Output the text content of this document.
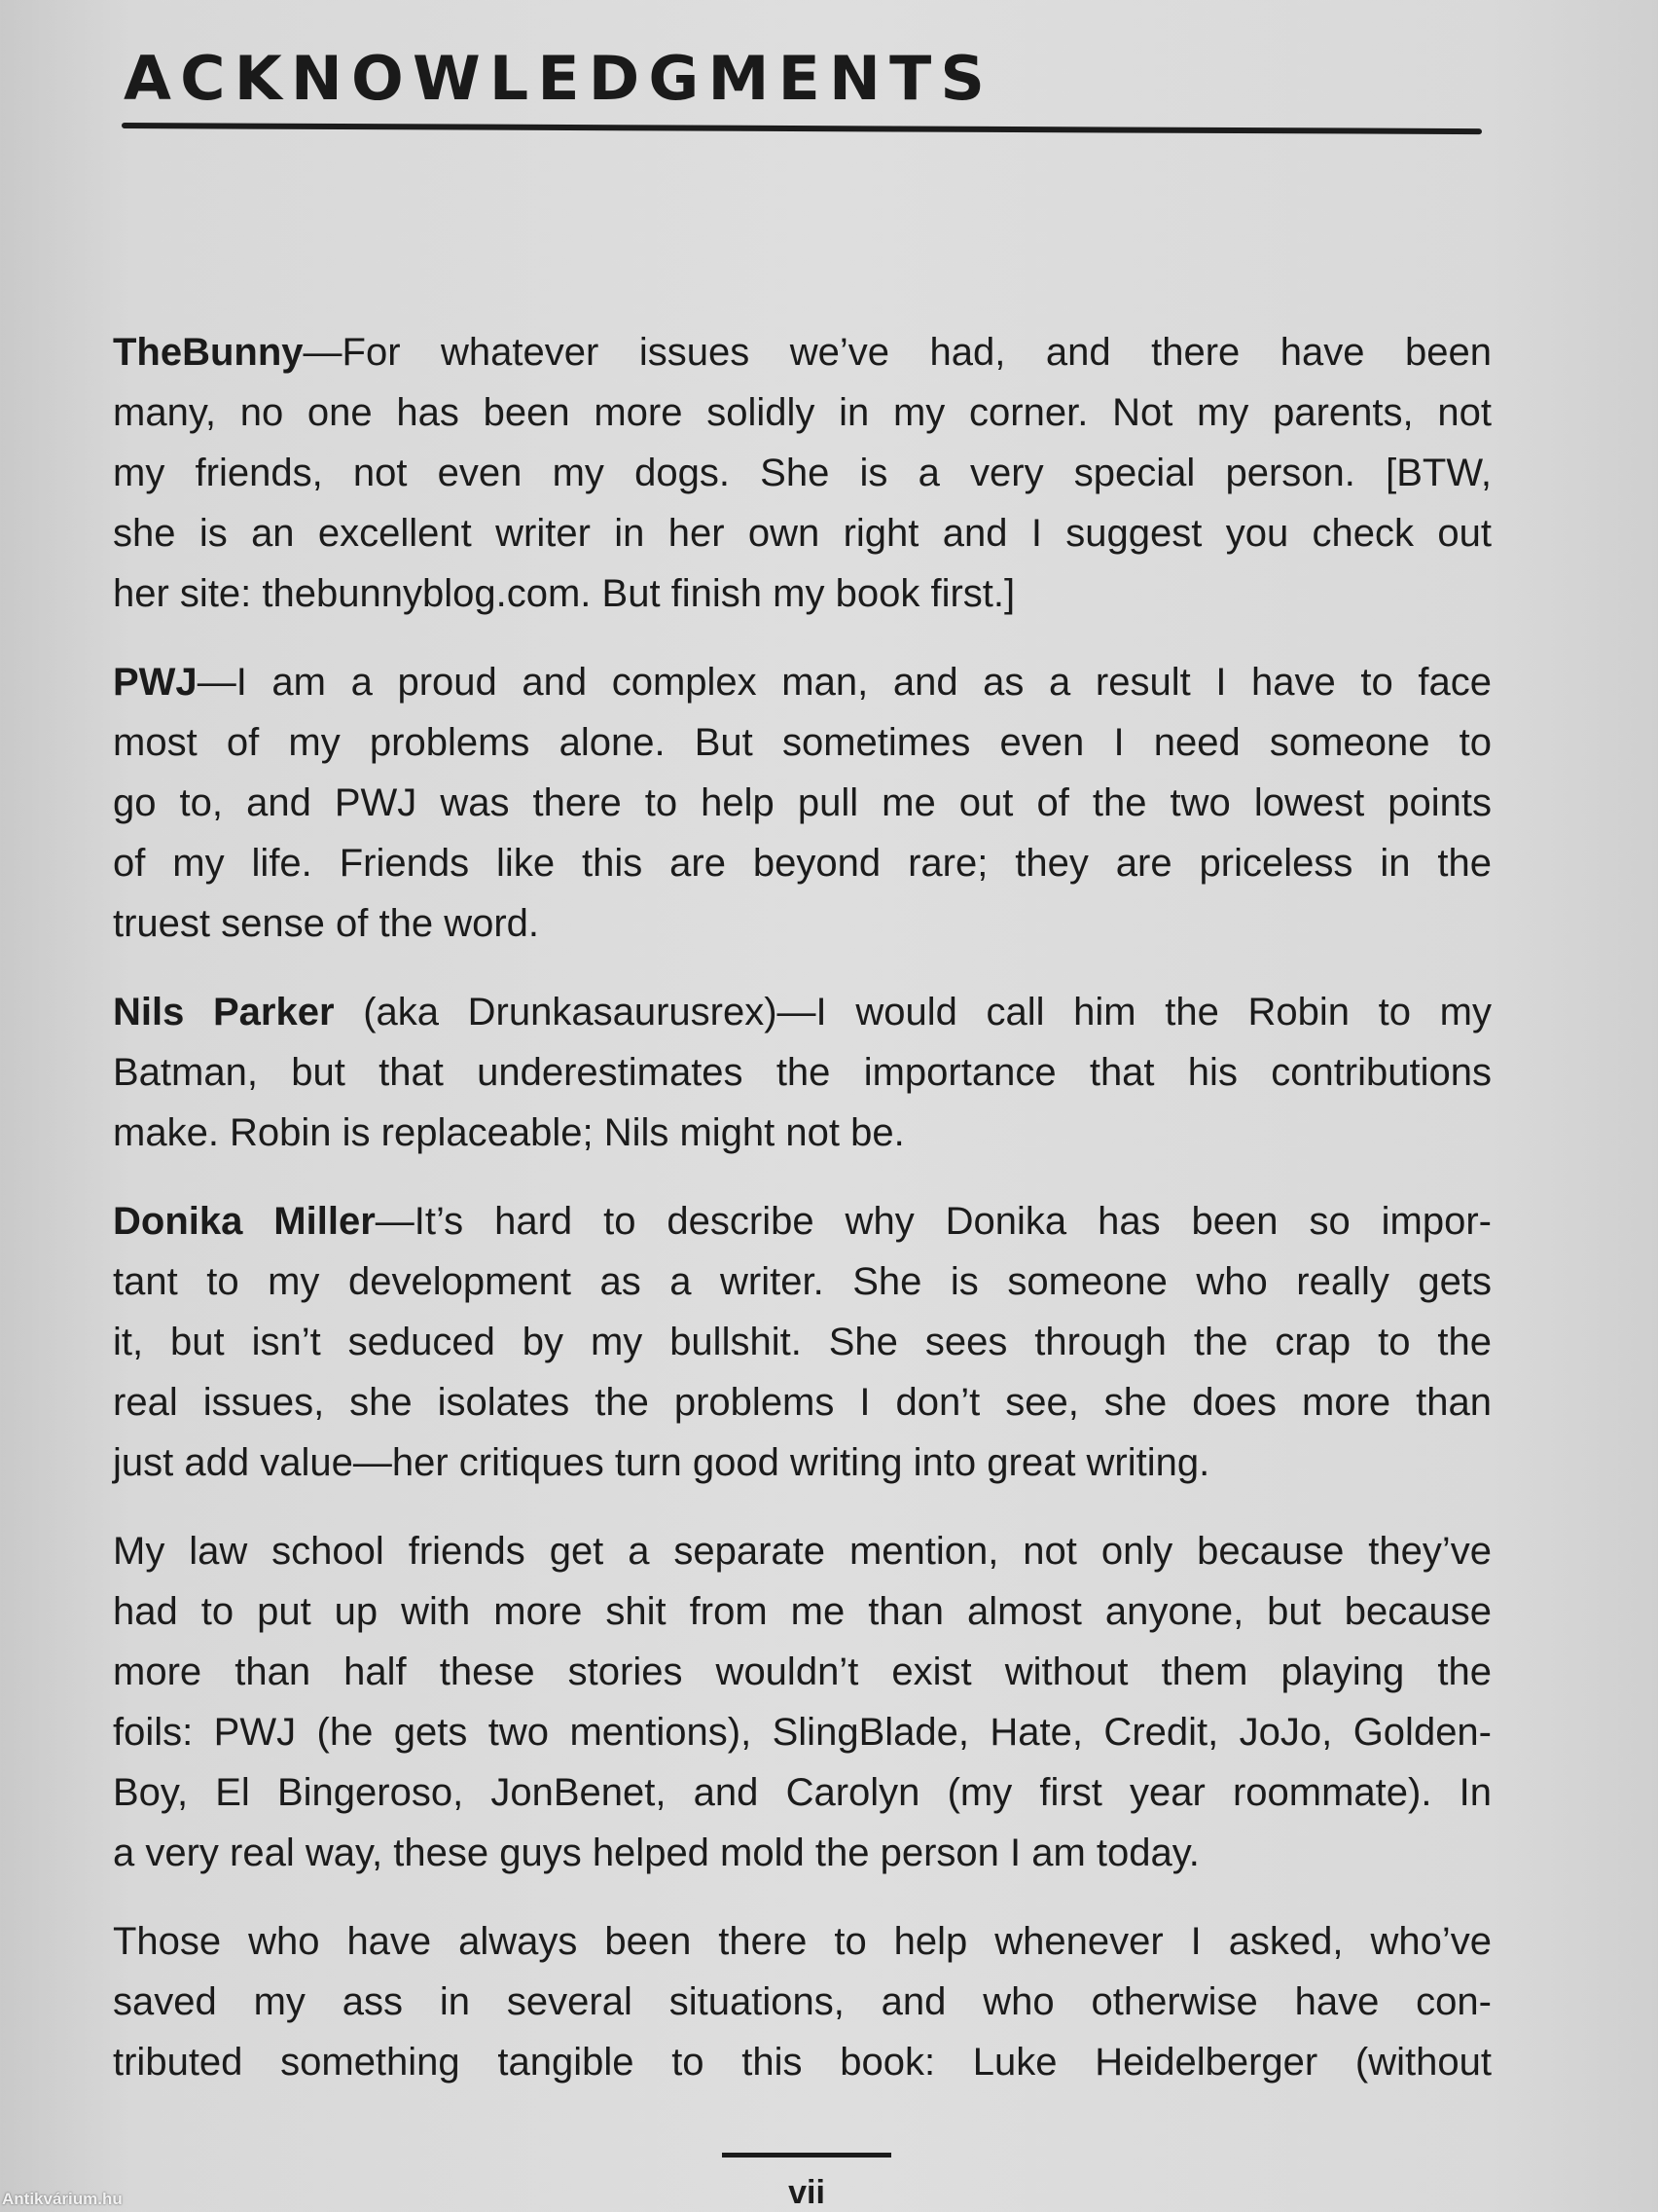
ACKNOWLEDGMENTS
TheBunny—For whatever issues we’ve had, and there have been
many, no one has been more solidly in my corner. Not my parents, not
my friends, not even my dogs. She is a very special person. [BTW,
she is an excellent writer in her own right and I suggest you check out
her site: thebunnyblog.com. But finish my book first.]
PWJ—I am a proud and complex man, and as a result I have to face
most of my problems alone. But sometimes even I need someone to
go to, and PWJ was there to help pull me out of the two lowest points
of my life. Friends like this are beyond rare; they are priceless in the
truest sense of the word.
Nils Parker (aka Drunkasaurusrex)—I would call him the Robin to my
Batman, but that underestimates the importance that his contributions
make. Robin is replaceable; Nils might not be.
Donika Miller—It’s hard to describe why Donika has been so impor-
tant to my development as a writer. She is someone who really gets
it, but isn’t seduced by my bullshit. She sees through the crap to the
real issues, she isolates the problems I don’t see, she does more than
just add value—her critiques turn good writing into great writing.
My law school friends get a separate mention, not only because they’ve
had to put up with more shit from me than almost anyone, but because
more than half these stories wouldn’t exist without them playing the
foils: PWJ (he gets two mentions), SlingBlade, Hate, Credit, JoJo, Golden-
Boy, El Bingeroso, JonBenet, and Carolyn (my first year roommate). In
a very real way, these guys helped mold the person I am today.
Those who have always been there to help whenever I asked, who’ve
saved my ass in several situations, and who otherwise have con-
tributed something tangible to this book: Luke Heidelberger (without
vii
Antikvárium.hu
